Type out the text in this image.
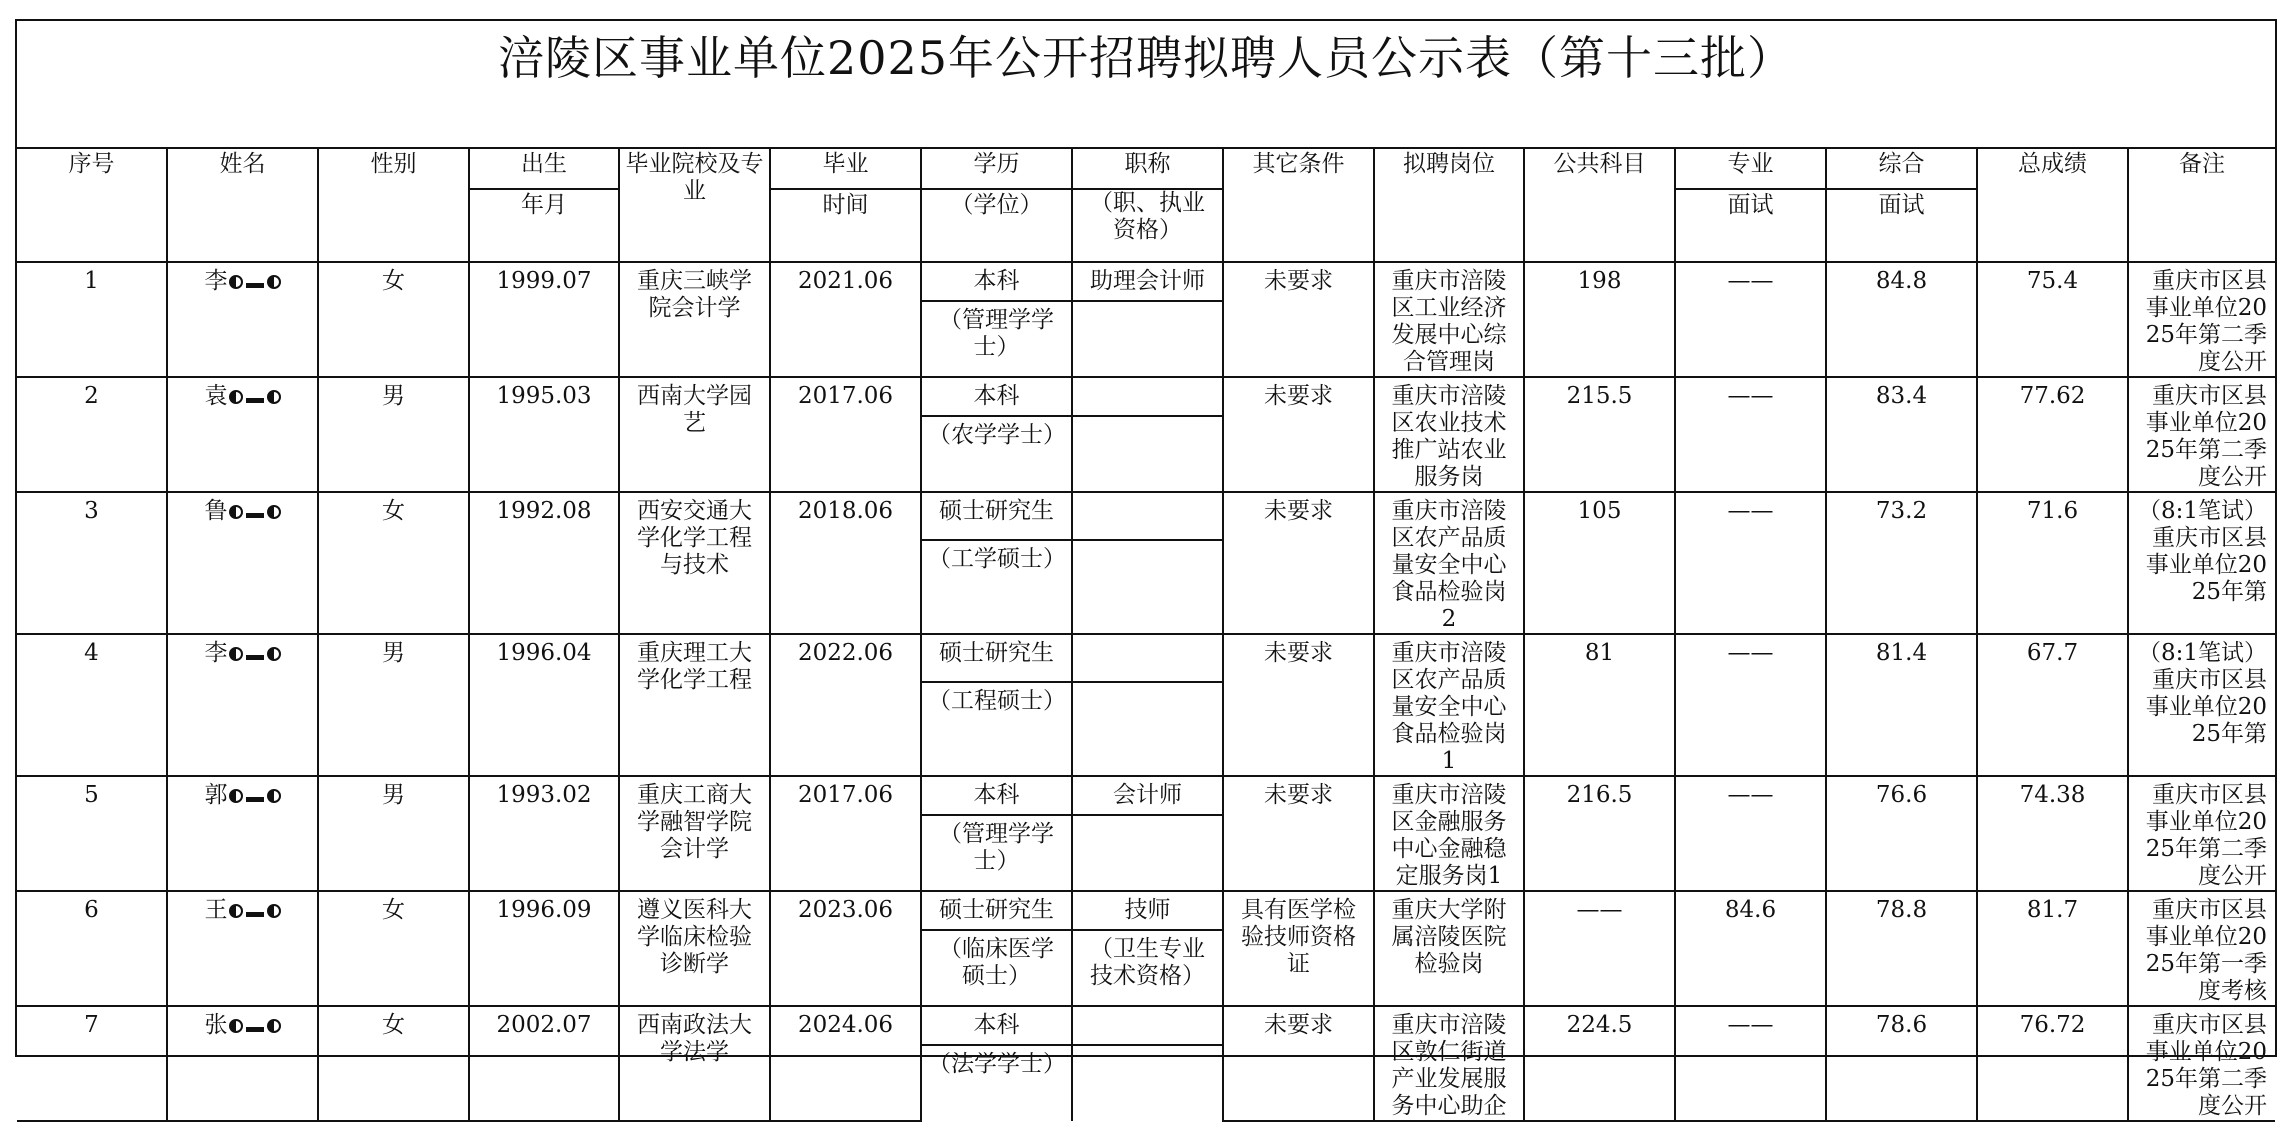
涪陵区事业单位2025年公开招聘拟聘人员公示表（第十三批）
序号	姓名	性别	出生	毕业院校及专业	毕业	学历	职称	其它条件	拟聘岗位	公共科目	专业	综合	总成绩	备注

			年月		时间	（学位）	（职、执业资格）				面试	面试		

1	李	女	1999.07	重庆三峡学院会计学	2021.06	本科	助理会计师	未要求	重庆市涪陵区工业经济发展中心综合管理岗	198	——	84.8	75.4	重庆市区县事业单位2025年第二季度公开

						（管理学学士）								

2	袁	男	1995.03	西南大学园艺	2017.06	本科		未要求	重庆市涪陵区农业技术推广站农业服务岗	215.5	——	83.4	77.62	重庆市区县事业单位2025年第二季度公开

						（农学学士）								

3	鲁	女	1992.08	西安交通大学化学工程与技术	2018.06	硕士研究生		未要求	重庆市涪陵区农产品质量安全中心食品检验岗2	105	——	73.2	71.6	（8:1笔试）重庆市区县事业单位2025年第

						（工学硕士）								

4	李	男	1996.04	重庆理工大学化学工程	2022.06	硕士研究生		未要求	重庆市涪陵区农产品质量安全中心食品检验岗1	81	——	81.4	67.7	（8:1笔试）重庆市区县事业单位2025年第

						（工程硕士）								

5	郭	男	1993.02	重庆工商大学融智学院会计学	2017.06	本科	会计师	未要求	重庆市涪陵区金融服务中心金融稳定服务岗1	216.5	——	76.6	74.38	重庆市区县事业单位2025年第二季度公开

						（管理学学士）								

6	王	女	1996.09	遵义医科大学临床检验诊断学	2023.06	硕士研究生	技师	具有医学检验技师资格证	重庆大学附属涪陵医院检验岗	——	84.6	78.8	81.7	重庆市区县事业单位2025年第一季度考核

						（临床医学硕士）	（卫生专业技术资格）							

7	张	女	2002.07	西南政法大学法学	2024.06	本科		未要求	重庆市涪陵区敦仁街道产业发展服务中心助企	224.5	——	78.6	76.72	重庆市区县事业单位2025年第二季度公开

						（法学学士）								
